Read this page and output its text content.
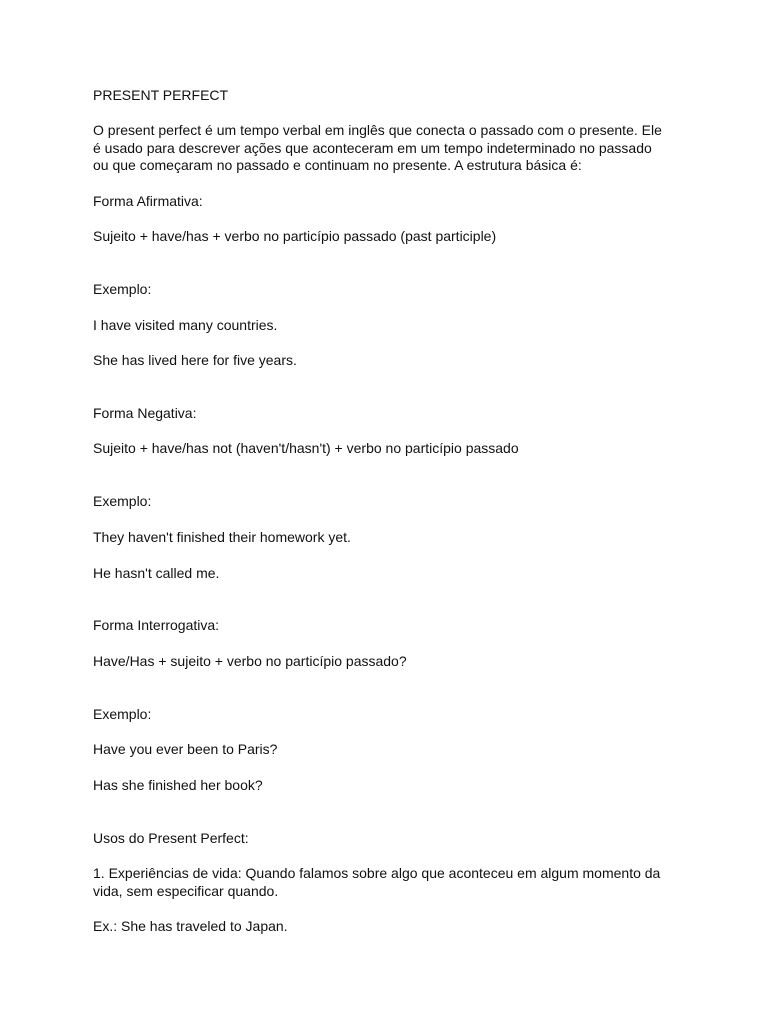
PRESENT PERFECT

O present perfect é um tempo verbal em inglês que conecta o passado com o presente. Ele
é usado para descrever ações que aconteceram em um tempo indeterminado no passado
ou que começaram no passado e continuam no presente. A estrutura básica é:

Forma Afirmativa:

Sujeito + have/has + verbo no particípio passado (past participle)

Exemplo:

I have visited many countries.

She has lived here for five years.

Forma Negativa:

Sujeito + have/has not (haven't/hasn't) + verbo no particípio passado

Exemplo:

They haven't finished their homework yet.

He hasn't called me.

Forma Interrogativa:

Have/Has + sujeito + verbo no particípio passado?

Exemplo:

Have you ever been to Paris?

Has she finished her book?

Usos do Present Perfect:

1. Experiências de vida: Quando falamos sobre algo que aconteceu em algum momento da
vida, sem especificar quando.

Ex.: She has traveled to Japan.
